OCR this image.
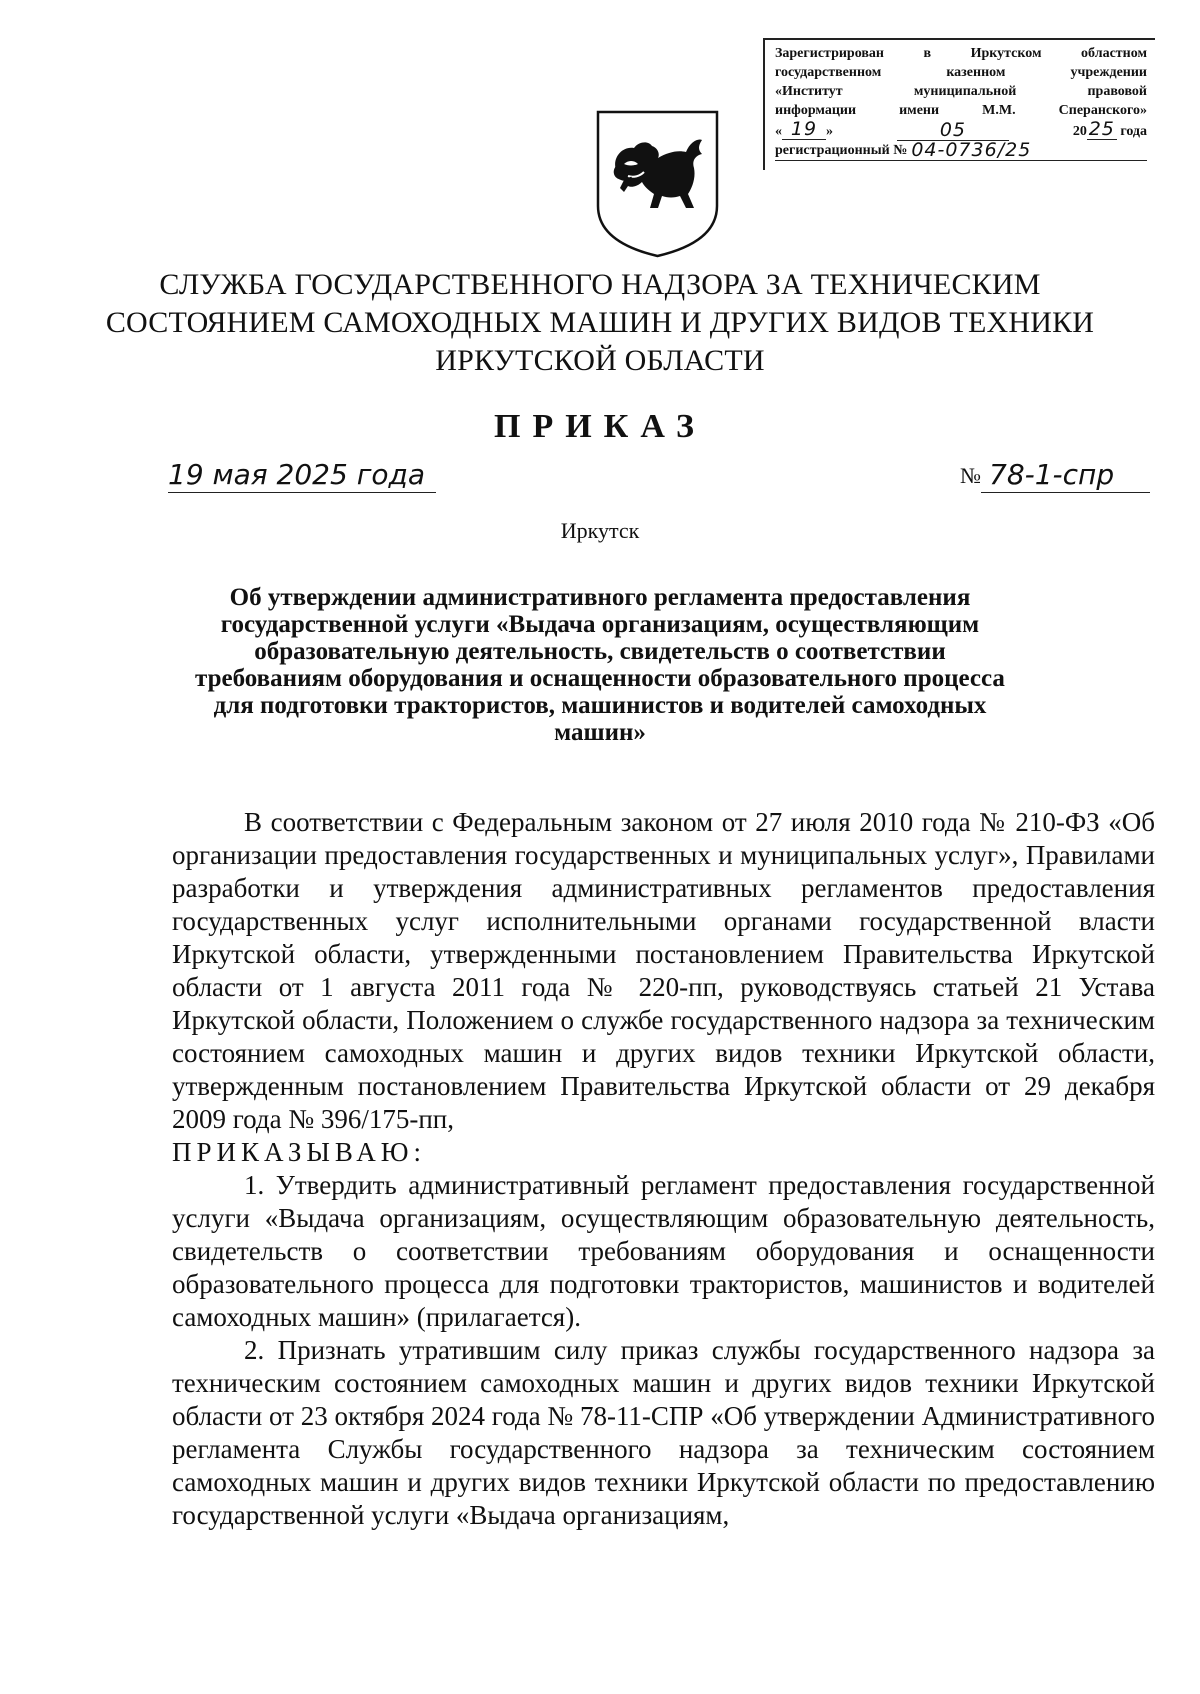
Зарегистрирован в Иркутском областном
государственном казенном учреждении
«Институт муниципальной правовой
информации имени М.М. Сперанского»
« 19 »	05	20 25 года
регистрационный № 04-0736/25
СЛУЖБА ГОСУДАРСТВЕННОГО НАДЗОРА ЗА ТЕХНИЧЕСКИМ
СОСТОЯНИЕМ САМОХОДНЫХ МАШИН И ДРУГИХ ВИДОВ ТЕХНИКИ
ИРКУТСКОЙ ОБЛАСТИ
ПРИКАЗ
19 мая 2025 года	№ 78-1-спр
Иркутск
Об утверждении административного регламента предоставления
государственной услуги «Выдача организациям, осуществляющим
образовательную деятельность, свидетельств о соответствии
требованиям оборудования и оснащенности образовательного процесса
для подготовки трактористов, машинистов и водителей самоходных
машин»

В соответствии с Федеральным законом от 27 июля 2010 года № 210-ФЗ «Об организации предоставления государственных и муниципальных услуг», Правилами разработки и утверждения административных регламентов предоставления государственных услуг исполнительными органами государственной власти Иркутской области, утвержденными постановлением Правительства Иркутской области от 1 августа 2011 года № 220-пп, руководствуясь статьей 21 Устава Иркутской области, Положением о службе государственного надзора за техническим состоянием самоходных машин и других видов техники Иркутской области, утвержденным постановлением Правительства Иркутской области от 29 декабря 2009 года № 396/175-пп,

ПРИКАЗЫВАЮ:

1. Утвердить административный регламент предоставления государственной услуги «Выдача организациям, осуществляющим образовательную деятельность, свидетельств о соответствии требованиям оборудования и оснащенности образовательного процесса для подготовки трактористов, машинистов и водителей самоходных машин» (прилагается).

2. Признать утратившим силу приказ службы государственного надзора за техническим состоянием самоходных машин и других видов техники Иркутской области от 23 октября 2024 года № 78-11-СПР «Об утверждении Административного регламента Службы государственного надзора за техническим состоянием самоходных машин и других видов техники Иркутской области по предоставлению государственной услуги «Выдача организациям,
